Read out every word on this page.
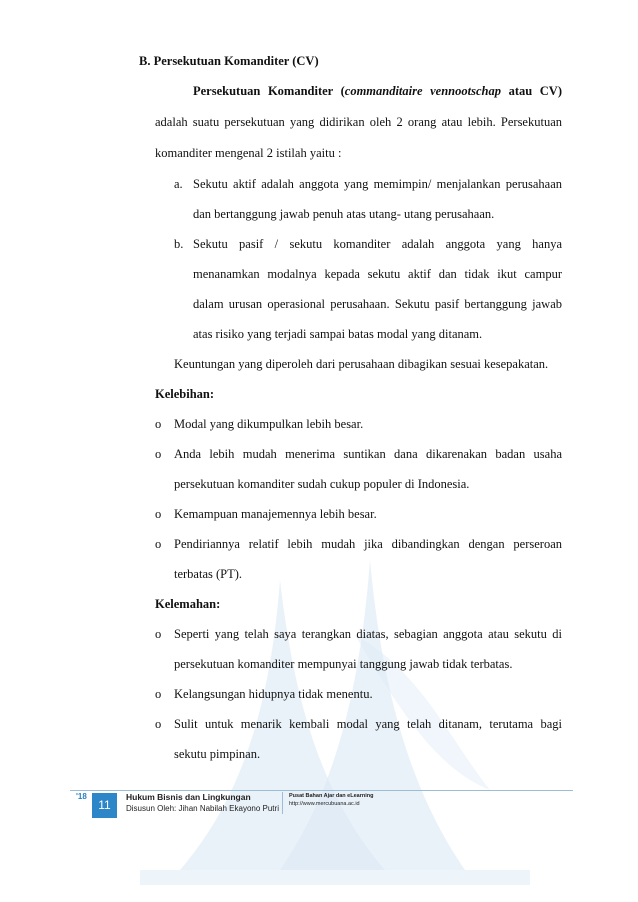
B. Persekutuan Komanditer (CV)
Persekutuan Komanditer (commanditaire vennootschap atau CV)
adalah suatu persekutuan yang didirikan oleh 2 orang atau lebih. Persekutuan
komanditer mengenal 2 istilah yaitu :
a. Sekutu aktif adalah anggota yang memimpin/ menjalankan perusahaan
dan bertanggung jawab penuh atas utang- utang perusahaan.
b. Sekutu pasif / sekutu komanditer adalah anggota yang hanya
menanamkan modalnya kepada sekutu aktif dan tidak ikut campur
dalam urusan operasional perusahaan. Sekutu pasif bertanggung jawab
atas risiko yang terjadi sampai batas modal yang ditanam.
Keuntungan yang diperoleh dari perusahaan dibagikan sesuai kesepakatan.
Kelebihan:
o Modal yang dikumpulkan lebih besar.
o Anda lebih mudah menerima suntikan dana dikarenakan badan usaha
persekutuan komanditer sudah cukup populer di Indonesia.
o Kemampuan manajemennya lebih besar.
o Pendiriannya relatif lebih mudah jika dibandingkan dengan perseroan
terbatas (PT).
Kelemahan:
o Seperti yang telah saya terangkan diatas, sebagian anggota atau sekutu di
persekutuan komanditer mempunyai tanggung jawab tidak terbatas.
o Kelangsungan hidupnya tidak menentu.
o Sulit untuk menarik kembali modal yang telah ditanam, terutama bagi
sekutu pimpinan.
'18
11
Hukum Bisnis dan Lingkungan
Disusun Oleh: Jihan Nabilah Ekayono Putri
Pusat Bahan Ajar dan eLearning
http://www.mercubuana.ac.id
